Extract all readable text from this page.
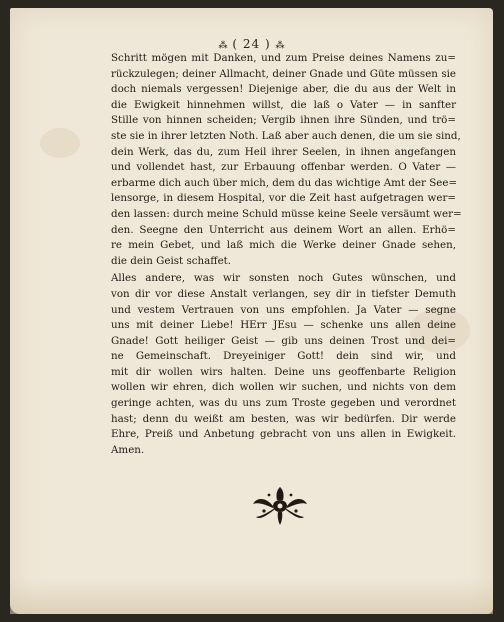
⁂ ( 24 ) ⁂
Schritt mögen mit Danken, und zum Preise deines Namens zu=
rückzulegen; deiner Allmacht, deiner Gnade und Güte müssen sie
doch niemals vergessen! Diejenige aber, die du aus der Welt in
die Ewigkeit hinnehmen willst, die laß o Vater — in sanfter
Stille von hinnen scheiden; Vergib ihnen ihre Sünden, und trö=
ste sie in ihrer letzten Noth. Laß aber auch denen, die um sie sind,
dein Werk, das du, zum Heil ihrer Seelen, in ihnen angefangen
und vollendet hast, zur Erbauung offenbar werden. O Vater —
erbarme dich auch über mich, dem du das wichtige Amt der See=
lensorge, in diesem Hospital, vor die Zeit hast aufgetragen wer=
den lassen: durch meine Schuld müsse keine Seele versäumt wer=
den. Seegne den Unterricht aus deinem Wort an allen. Erhö=
re mein Gebet, und laß mich die Werke deiner Gnade sehen,
die dein Geist schaffet.
Alles andere, was wir sonsten noch Gutes wünschen, und
von dir vor diese Anstalt verlangen, sey dir in tiefster Demuth
und vestem Vertrauen von uns empfohlen. Ja Vater — segne
uns mit deiner Liebe! HErr JEsu — schenke uns allen deine
Gnade! Gott heiliger Geist — gib uns deinen Trost und dei=
ne Gemeinschaft. Dreyeiniger Gott! dein sind wir, und
mit dir wollen wirs halten. Deine uns geoffenbarte Religion
wollen wir ehren, dich wollen wir suchen, und nichts von dem
geringe achten, was du uns zum Troste gegeben und verordnet
hast; denn du weißt am besten, was wir bedürfen. Dir werde
Ehre, Preiß und Anbetung gebracht von uns allen in Ewigkeit.
Amen.
